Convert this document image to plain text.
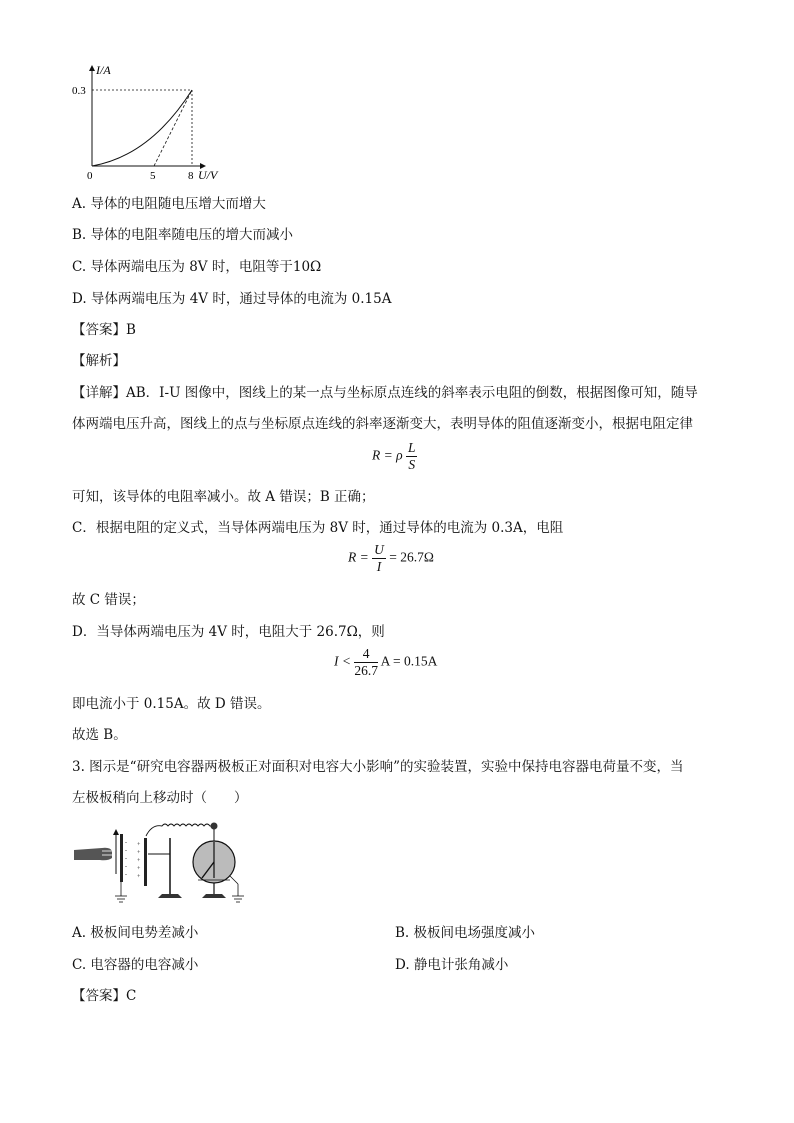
I/A
0.3
0	5	8 U/V
A. 导体的电阻随电压增大而增大
B. 导体的电阻率随电压的增大而减小
C. 导体两端电压为 8V 时，电阻等于10Ω
D. 导体两端电压为 4V 时，通过导体的电流为 0.15A
【答案】B
【解析】
【详解】AB．I-U 图像中，图线上的某一点与坐标原点连线的斜率表示电阻的倒数，根据图像可知，随导
体两端电压升高，图线上的点与坐标原点连线的斜率逐渐变大，表明导体的阻值逐渐变小，根据电阻定律
R = ρ $\frac{L}{S}$
可知，该导体的电阻率减小。故 A 错误；B 正确；
C．根据电阻的定义式，当导体两端电压为 8V 时，通过导体的电流为 0.3A，电阻
$R = \frac{U}{I} = 26.7\Omega$
故 C 错误；
D．当导体两端电压为 4V 时，电阻大于 26.7Ω，则
$I < \frac{4}{26.7}$ A = 0.15A
即电流小于 0.15A。故 D 错误。
故选 B。
3. 图示是“研究电容器两极板正对面积对电容大小影响”的实验装置，实验中保持电容器电荷量不变，当
左极板稍向上移动时（　　）
-
-
-
-
-
+
+
+
+
+
A. 极板间电势差减小	B. 极板间电场强度减小
C. 电容器的电容减小	D. 静电计张角减小
【答案】C
